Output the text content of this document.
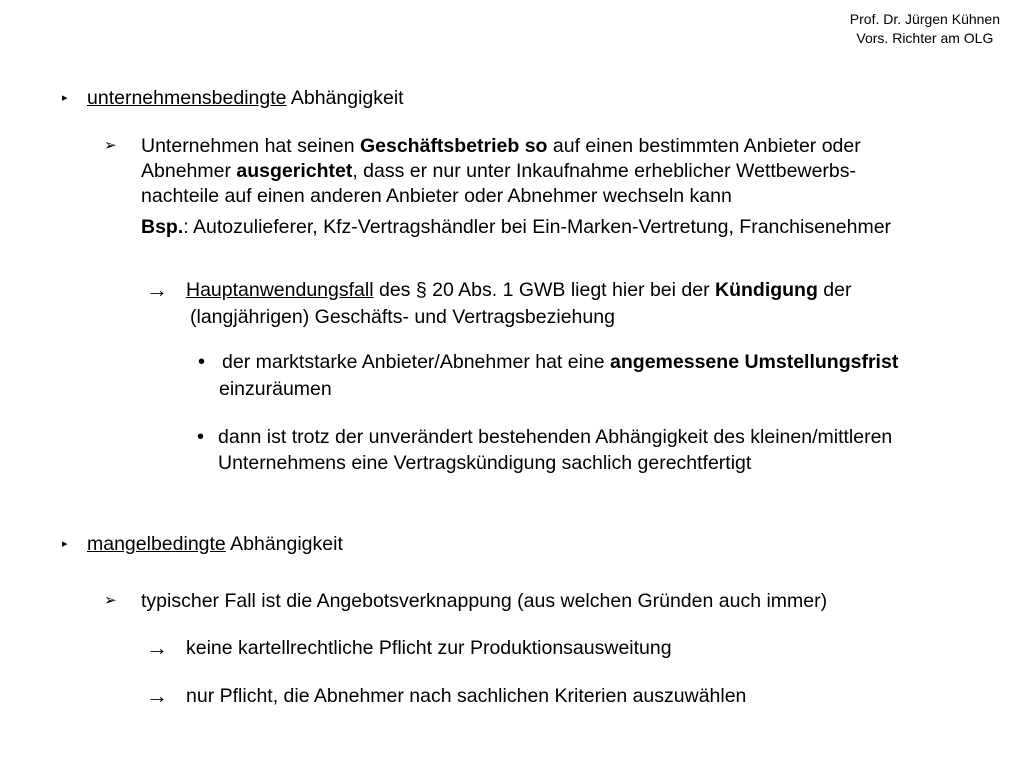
Prof. Dr. Jürgen Kühnen
Vors. Richter am OLG
▸ unternehmensbedingte Abhängigkeit
➢ Unternehmen hat seinen Geschäftsbetrieb so auf einen bestimmten Anbieter oder
Abnehmer ausgerichtet, dass er nur unter Inkaufnahme erheblicher Wettbewerbs-
nachteile auf einen anderen Anbieter oder Abnehmer wechseln kann
Bsp.: Autozulieferer, Kfz-Vertragshändler bei Ein-Marken-Vertretung, Franchisenehmer
→ Hauptanwendungsfall des § 20 Abs. 1 GWB liegt hier bei der Kündigung der
(langjährigen) Geschäfts- und Vertragsbeziehung
• der marktstarke Anbieter/Abnehmer hat eine angemessene Umstellungsfrist
einzuräumen
• dann ist trotz der unverändert bestehenden Abhängigkeit des kleinen/mittleren
Unternehmens eine Vertragskündigung sachlich gerechtfertigt
▸ mangelbedingte Abhängigkeit
➢ typischer Fall ist die Angebotsverknappung (aus welchen Gründen auch immer)
→ keine kartellrechtliche Pflicht zur Produktionsausweitung
→ nur Pflicht, die Abnehmer nach sachlichen Kriterien auszuwählen
